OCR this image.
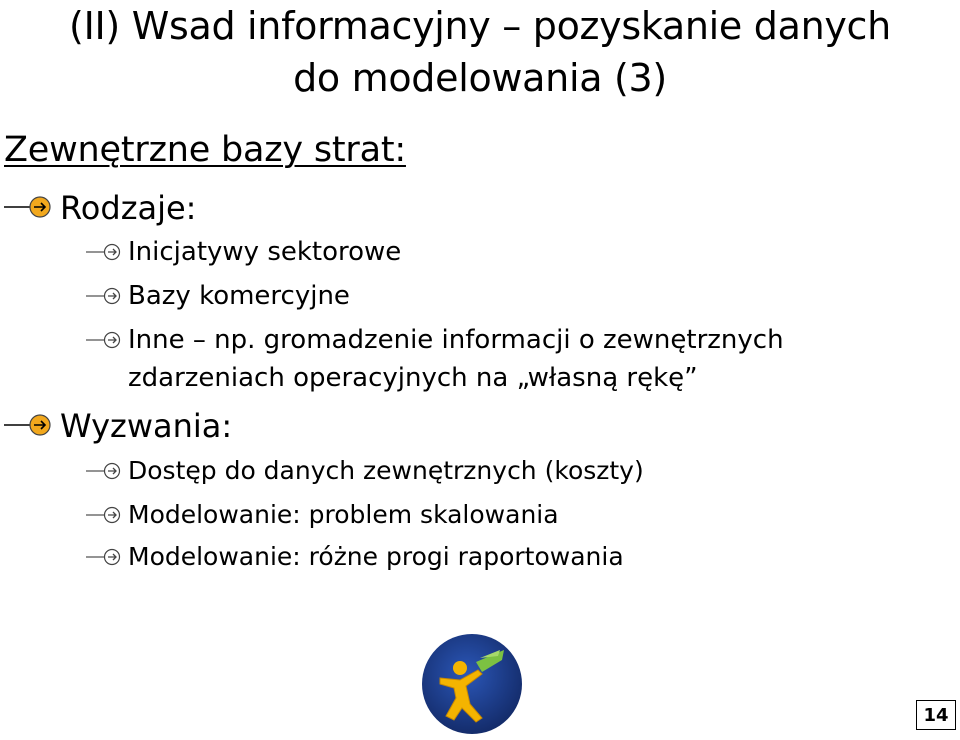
(II) Wsad informacyjny – pozyskanie danych
do modelowania (3)
Zewnętrzne bazy strat:
Rodzaje:
Inicjatywy sektorowe
Bazy komercyjne
Inne – np. gromadzenie informacji o zewnętrznych
zdarzeniach operacyjnych na „własną rękę”
Wyzwania:
Dostęp do danych zewnętrznych (koszty)
Modelowanie: problem skalowania
Modelowanie: różne progi raportowania
14
